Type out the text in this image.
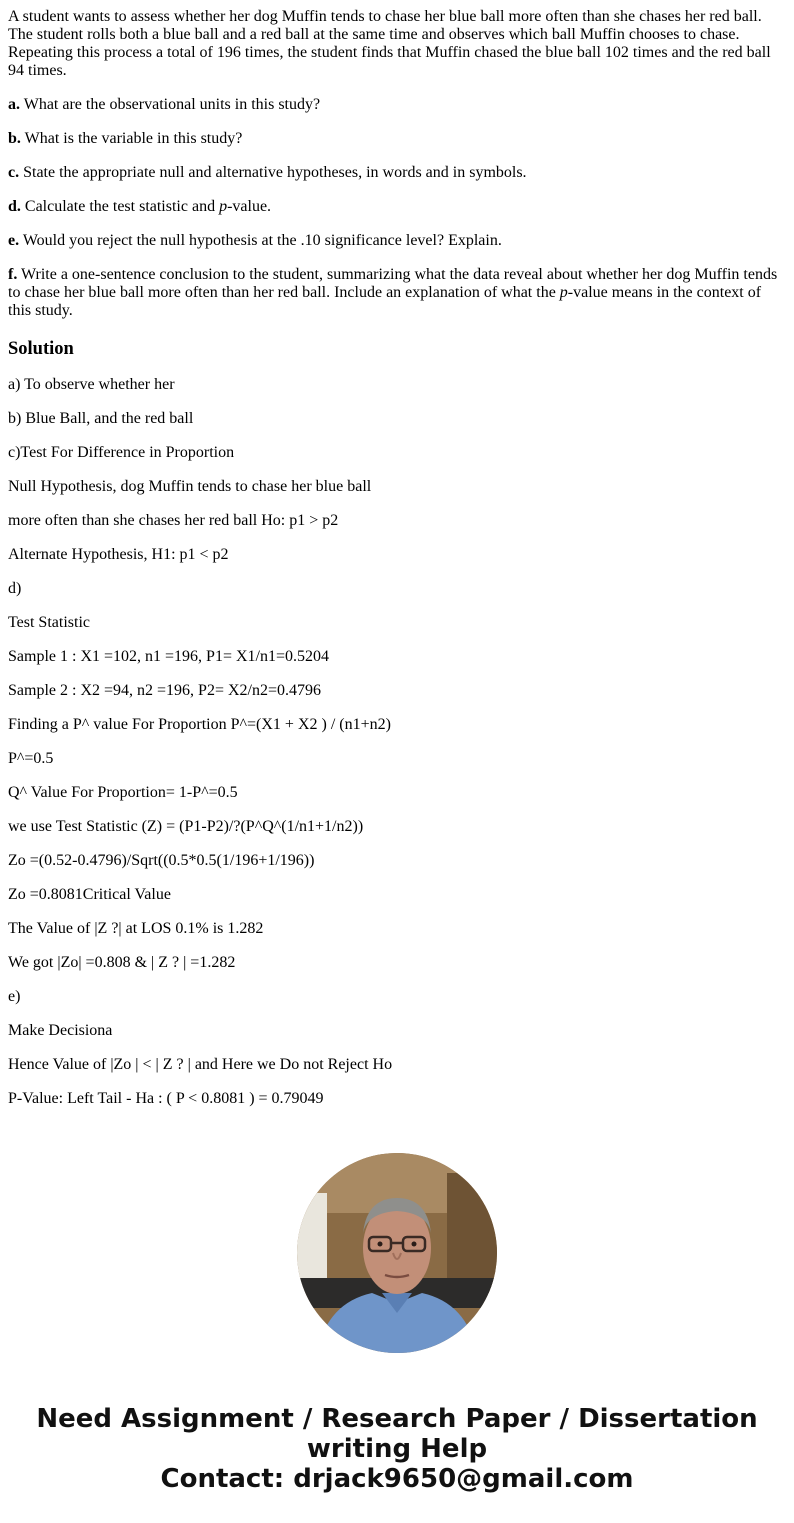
A student wants to assess whether her dog Muffin tends to chase her blue ball more often than she chases her red ball. The student rolls both a blue ball and a red ball at the same time and observes which ball Muffin chooses to chase. Repeating this process a total of 196 times, the student finds that Muffin chased the blue ball 102 times and the red ball 94 times.

a. What are the observational units in this study?

b. What is the variable in this study?

c. State the appropriate null and alternative hypotheses, in words and in symbols.

d. Calculate the test statistic and p-value.

e. Would you reject the null hypothesis at the .10 significance level? Explain.

f. Write a one-sentence conclusion to the student, summarizing what the data reveal about whether her dog Muffin tends to chase her blue ball more often than her red ball. Include an explanation of what the p-value means in the context of this study.

Solution

a) To observe whether her

b) Blue Ball, and the red ball

c)Test For Difference in Proportion

Null Hypothesis, dog Muffin tends to chase her blue ball

more often than she chases her red ball Ho: p1 > p2

Alternate Hypothesis, H1: p1 < p2

d)

Test Statistic

Sample 1 : X1 =102, n1 =196, P1= X1/n1=0.5204

Sample 2 : X2 =94, n2 =196, P2= X2/n2=0.4796

Finding a P^ value For Proportion P^=(X1 + X2 ) / (n1+n2)

P^=0.5

Q^ Value For Proportion= 1-P^=0.5

we use Test Statistic (Z) = (P1-P2)/?(P^Q^(1/n1+1/n2))

Zo =(0.52-0.4796)/Sqrt((0.5*0.5(1/196+1/196))

Zo =0.8081Critical Value

The Value of |Z ?| at LOS 0.1% is 1.282

We got |Zo| =0.808 & | Z ? | =1.282

e)

Make Decisiona

Hence Value of |Zo | < | Z ? | and Here we Do not Reject Ho

P-Value: Left Tail - Ha : ( P < 0.8081 ) = 0.79049

Need Assignment / Research Paper / Dissertation
writing Help
Contact: drjack9650@gmail.com
